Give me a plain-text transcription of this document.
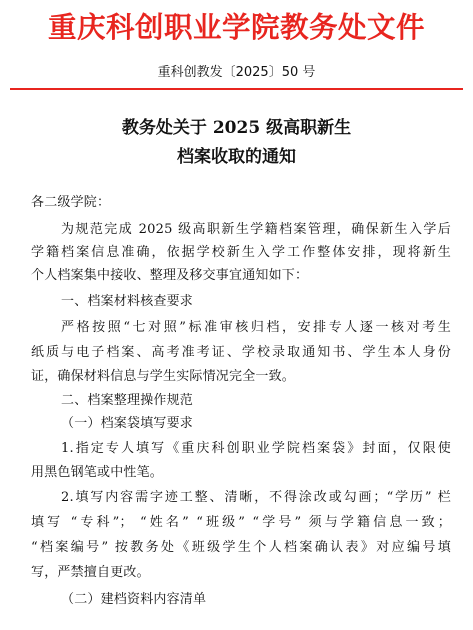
重庆科创职业学院教务处文件
重科创教发〔2025〕50 号
教务处关于 2025 级高职新生
档案收取的通知
各二级学院：
为规范完成 2025 级高职新生学籍档案管理，确保新生入学后
学籍档案信息准确，依据学校新生入学工作整体安排，现将新生
个人档案集中接收、整理及移交事宜通知如下：
一、档案材料核查要求
严格按照“七对照”标准审核归档，安排专人逐一核对考生
纸质与电子档案、高考准考证、学校录取通知书、学生本人身份
证，确保材料信息与学生实际情况完全一致。
二、档案整理操作规范
（一）档案袋填写要求
1.指定专人填写《重庆科创职业学院档案袋》封面，仅限使
用黑色钢笔或中性笔。
2.填写内容需字迹工整、清晰，不得涂改或勾画；“学历” 栏
填写 “专科”； “姓名” “班级” “学号” 须与学籍信息一致；
“档案编号” 按教务处《班级学生个人档案确认表》对应编号填
写，严禁擅自更改。
（二）建档资料内容清单
